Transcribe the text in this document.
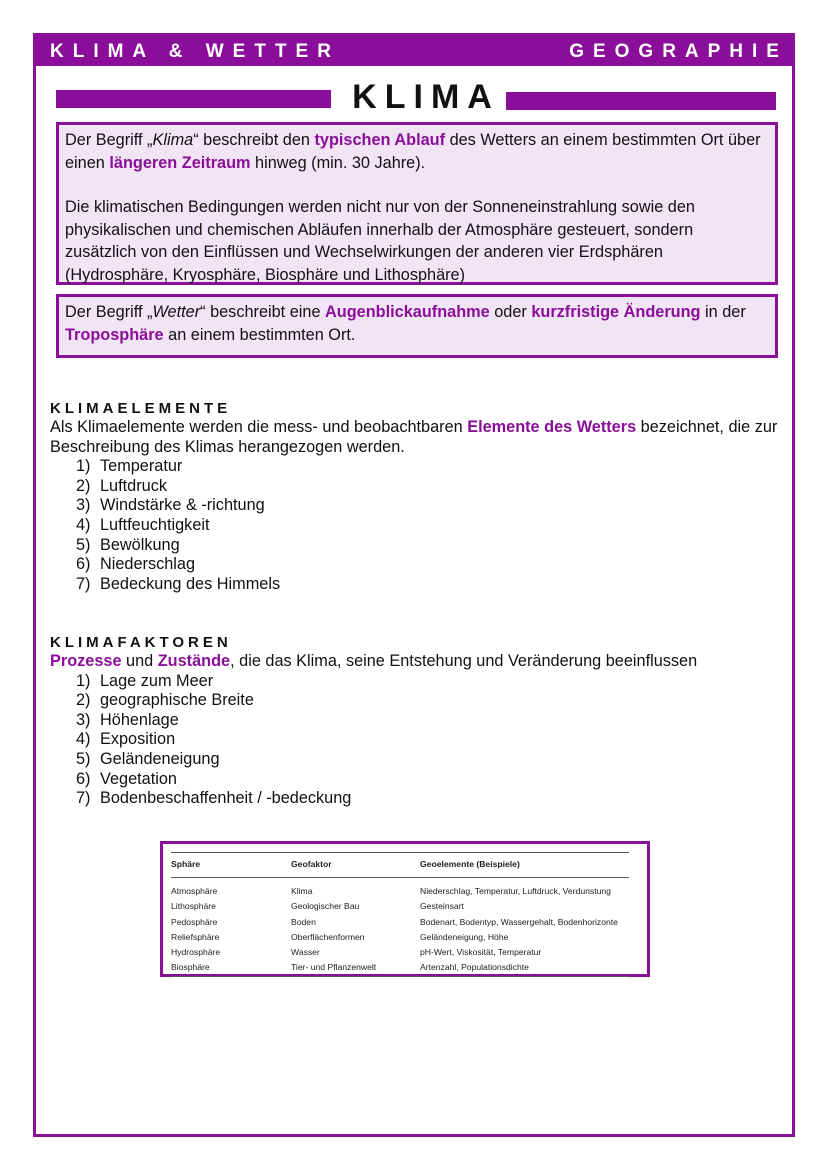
KLIMA & WETTER	GEOGRAPHIE
KLIMA

Der Begriff „Klima“ beschreibt den typischen Ablauf des Wetters an einem bestimmten Ort über einen längeren Zeitraum hinweg (min. 30 Jahre).

Die klimatischen Bedingungen werden nicht nur von der Sonneneinstrahlung sowie den physikalischen und chemischen Abläufen innerhalb der Atmosphäre gesteuert, sondern zusätzlich von den Einflüssen und Wechselwirkungen der anderen vier Erdsphären (Hydrosphäre, Kryosphäre, Biosphäre und Lithosphäre)

Der Begriff „Wetter“ beschreibt eine Augenblickaufnahme oder kurzfristige Änderung in der Troposphäre an einem bestimmten Ort.

KLIMAELEMENTE

Als Klimaelemente werden die mess- und beobachtbaren Elemente des Wetters bezeichnet, die zur Beschreibung des Klimas herangezogen werden.

1) Temperatur
2) Luftdruck
3) Windstärke & -richtung
4) Luftfeuchtigkeit
5) Bewölkung
6) Niederschlag
7) Bedeckung des Himmels
KLIMAFAKTOREN

Prozesse und Zustände, die das Klima, seine Entstehung und Veränderung beeinflussen

1) Lage zum Meer
2) geographische Breite
3) Höhenlage
4) Exposition
5) Geländeneigung
6) Vegetation
7) Bodenbeschaffenheit / -bedeckung
Sphäre	Geofaktor	Geoelemente (Beispiele)
Atmosphäre	Klima	Niederschlag, Temperatur, Luftdruck, Verdunstung
Lithosphäre	Geologischer Bau	Gesteinsart
Pedosphäre	Boden	Bodenart, Bodentyp, Wassergehalt, Bodenhorizonte
Reliefsphäre	Oberflächenformen	Geländeneigung, Höhe
Hydrosphäre	Wasser	pH-Wert, Viskosität, Temperatur
Biosphäre	Tier- und Pflanzenwelt	Artenzahl, Populationsdichte
